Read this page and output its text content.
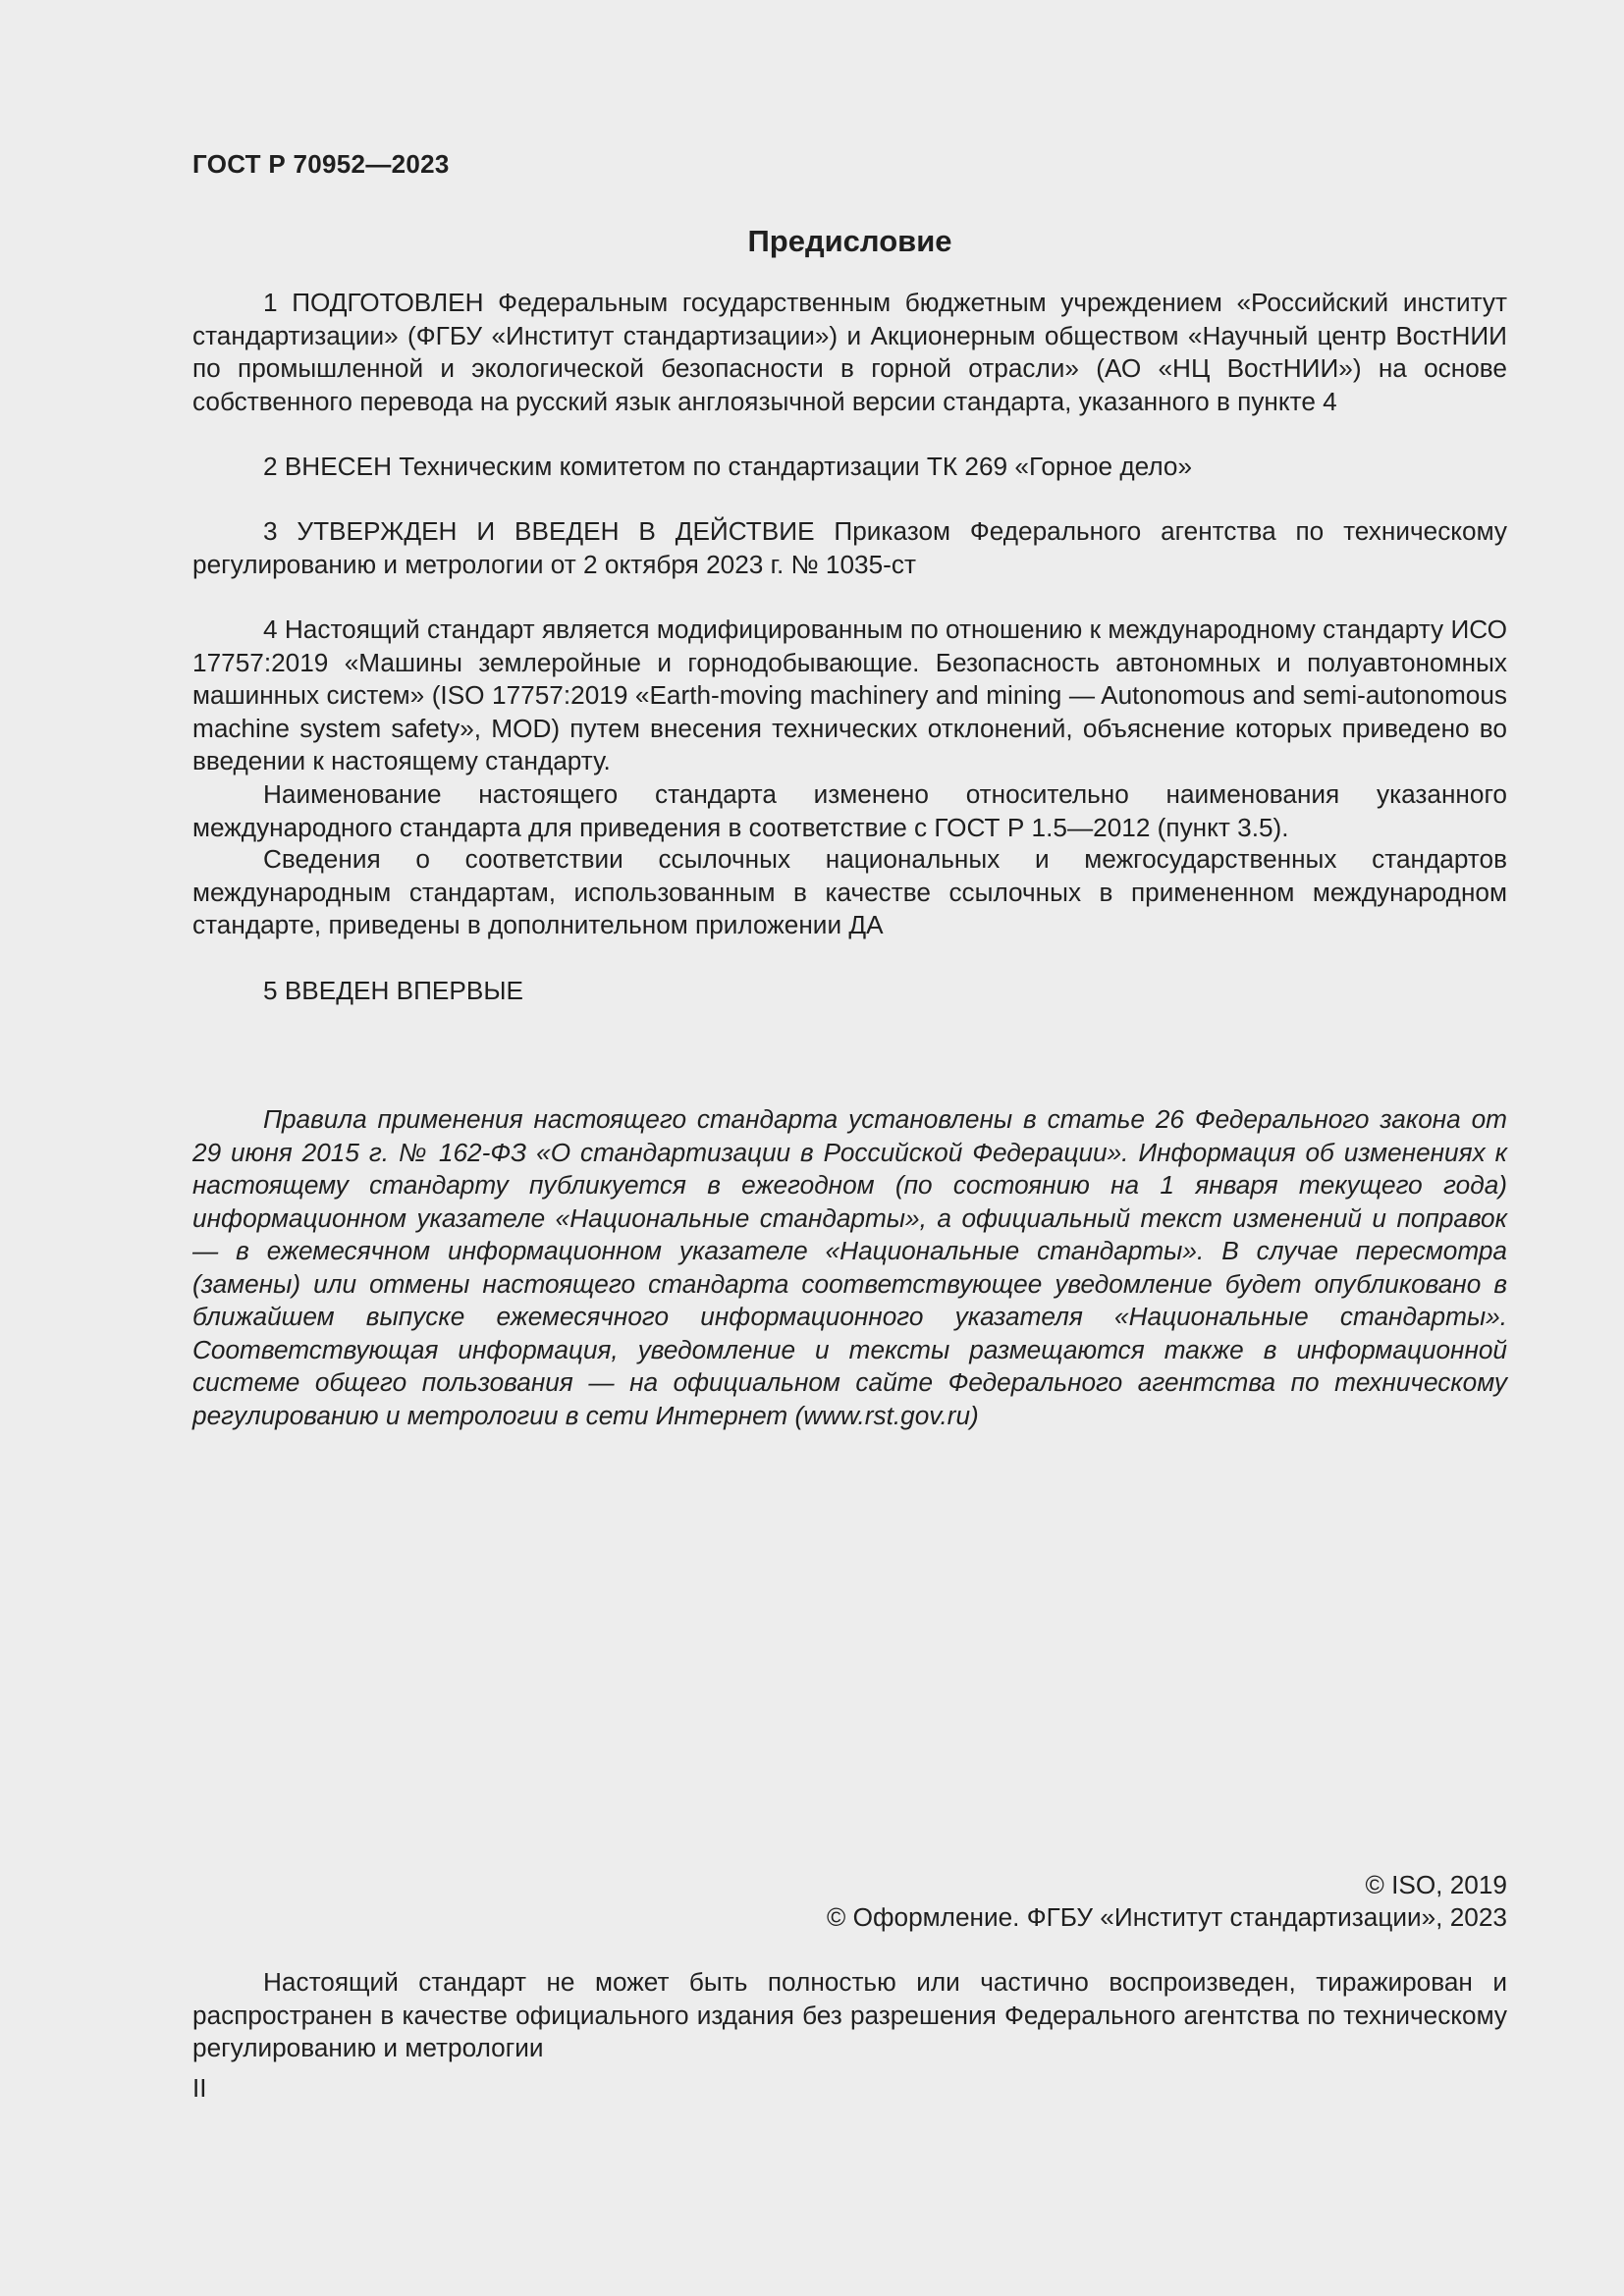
ГОСТ Р 70952—2023
Предисловие

1 ПОДГОТОВЛЕН Федеральным государственным бюджетным учреждением «Российский институт стандартизации» (ФГБУ «Институт стандартизации») и Акционерным обществом «Научный центр ВостНИИ по промышленной и экологической безопасности в горной отрасли» (АО «НЦ ВостНИИ») на основе собственного перевода на русский язык англоязычной версии стандарта, указанного в пункте 4

2 ВНЕСЕН Техническим комитетом по стандартизации ТК 269 «Горное дело»

3 УТВЕРЖДЕН И ВВЕДЕН В ДЕЙСТВИЕ Приказом Федерального агентства по техническому регулированию и метрологии от 2 октября 2023 г. № 1035-ст

4 Настоящий стандарт является модифицированным по отношению к международному стандарту ИСО 17757:2019 «Машины землеройные и горнодобывающие. Безопасность автономных и полуавтономных машинных систем» (ISO 17757:2019 «Earth-moving machinery and mining — Autonomous and semi-autonomous machine system safety», MOD) путем внесения технических отклонений, объяснение которых приведено во введении к настоящему стандарту.

Наименование настоящего стандарта изменено относительно наименования указанного международного стандарта для приведения в соответствие с ГОСТ Р 1.5—2012 (пункт 3.5).

Сведения о соответствии ссылочных национальных и межгосударственных стандартов международным стандартам, использованным в качестве ссылочных в примененном международном стандарте, приведены в дополнительном приложении ДА

5 ВВЕДЕН ВПЕРВЫЕ

Правила применения настоящего стандарта установлены в статье 26 Федерального закона от 29 июня 2015 г. № 162-ФЗ «О стандартизации в Российской Федерации». Информация об изменениях к настоящему стандарту публикуется в ежегодном (по состоянию на 1 января текущего года) информационном указателе «Национальные стандарты», а официальный текст изменений и поправок — в ежемесячном информационном указателе «Национальные стандарты». В случае пересмотра (замены) или отмены настоящего стандарта соответствующее уведомление будет опубликовано в ближайшем выпуске ежемесячного информационного указателя «Национальные стандарты». Соответствующая информация, уведомление и тексты размещаются также в информационной системе общего пользования — на официальном сайте Федерального агентства по техническому регулированию и метрологии в сети Интернет (www.rst.gov.ru)

© ISO, 2019
© Оформление. ФГБУ «Институт стандартизации», 2023

Настоящий стандарт не может быть полностью или частично воспроизведен, тиражирован и распространен в качестве официального издания без разрешения Федерального агентства по техническому регулированию и метрологии

II
